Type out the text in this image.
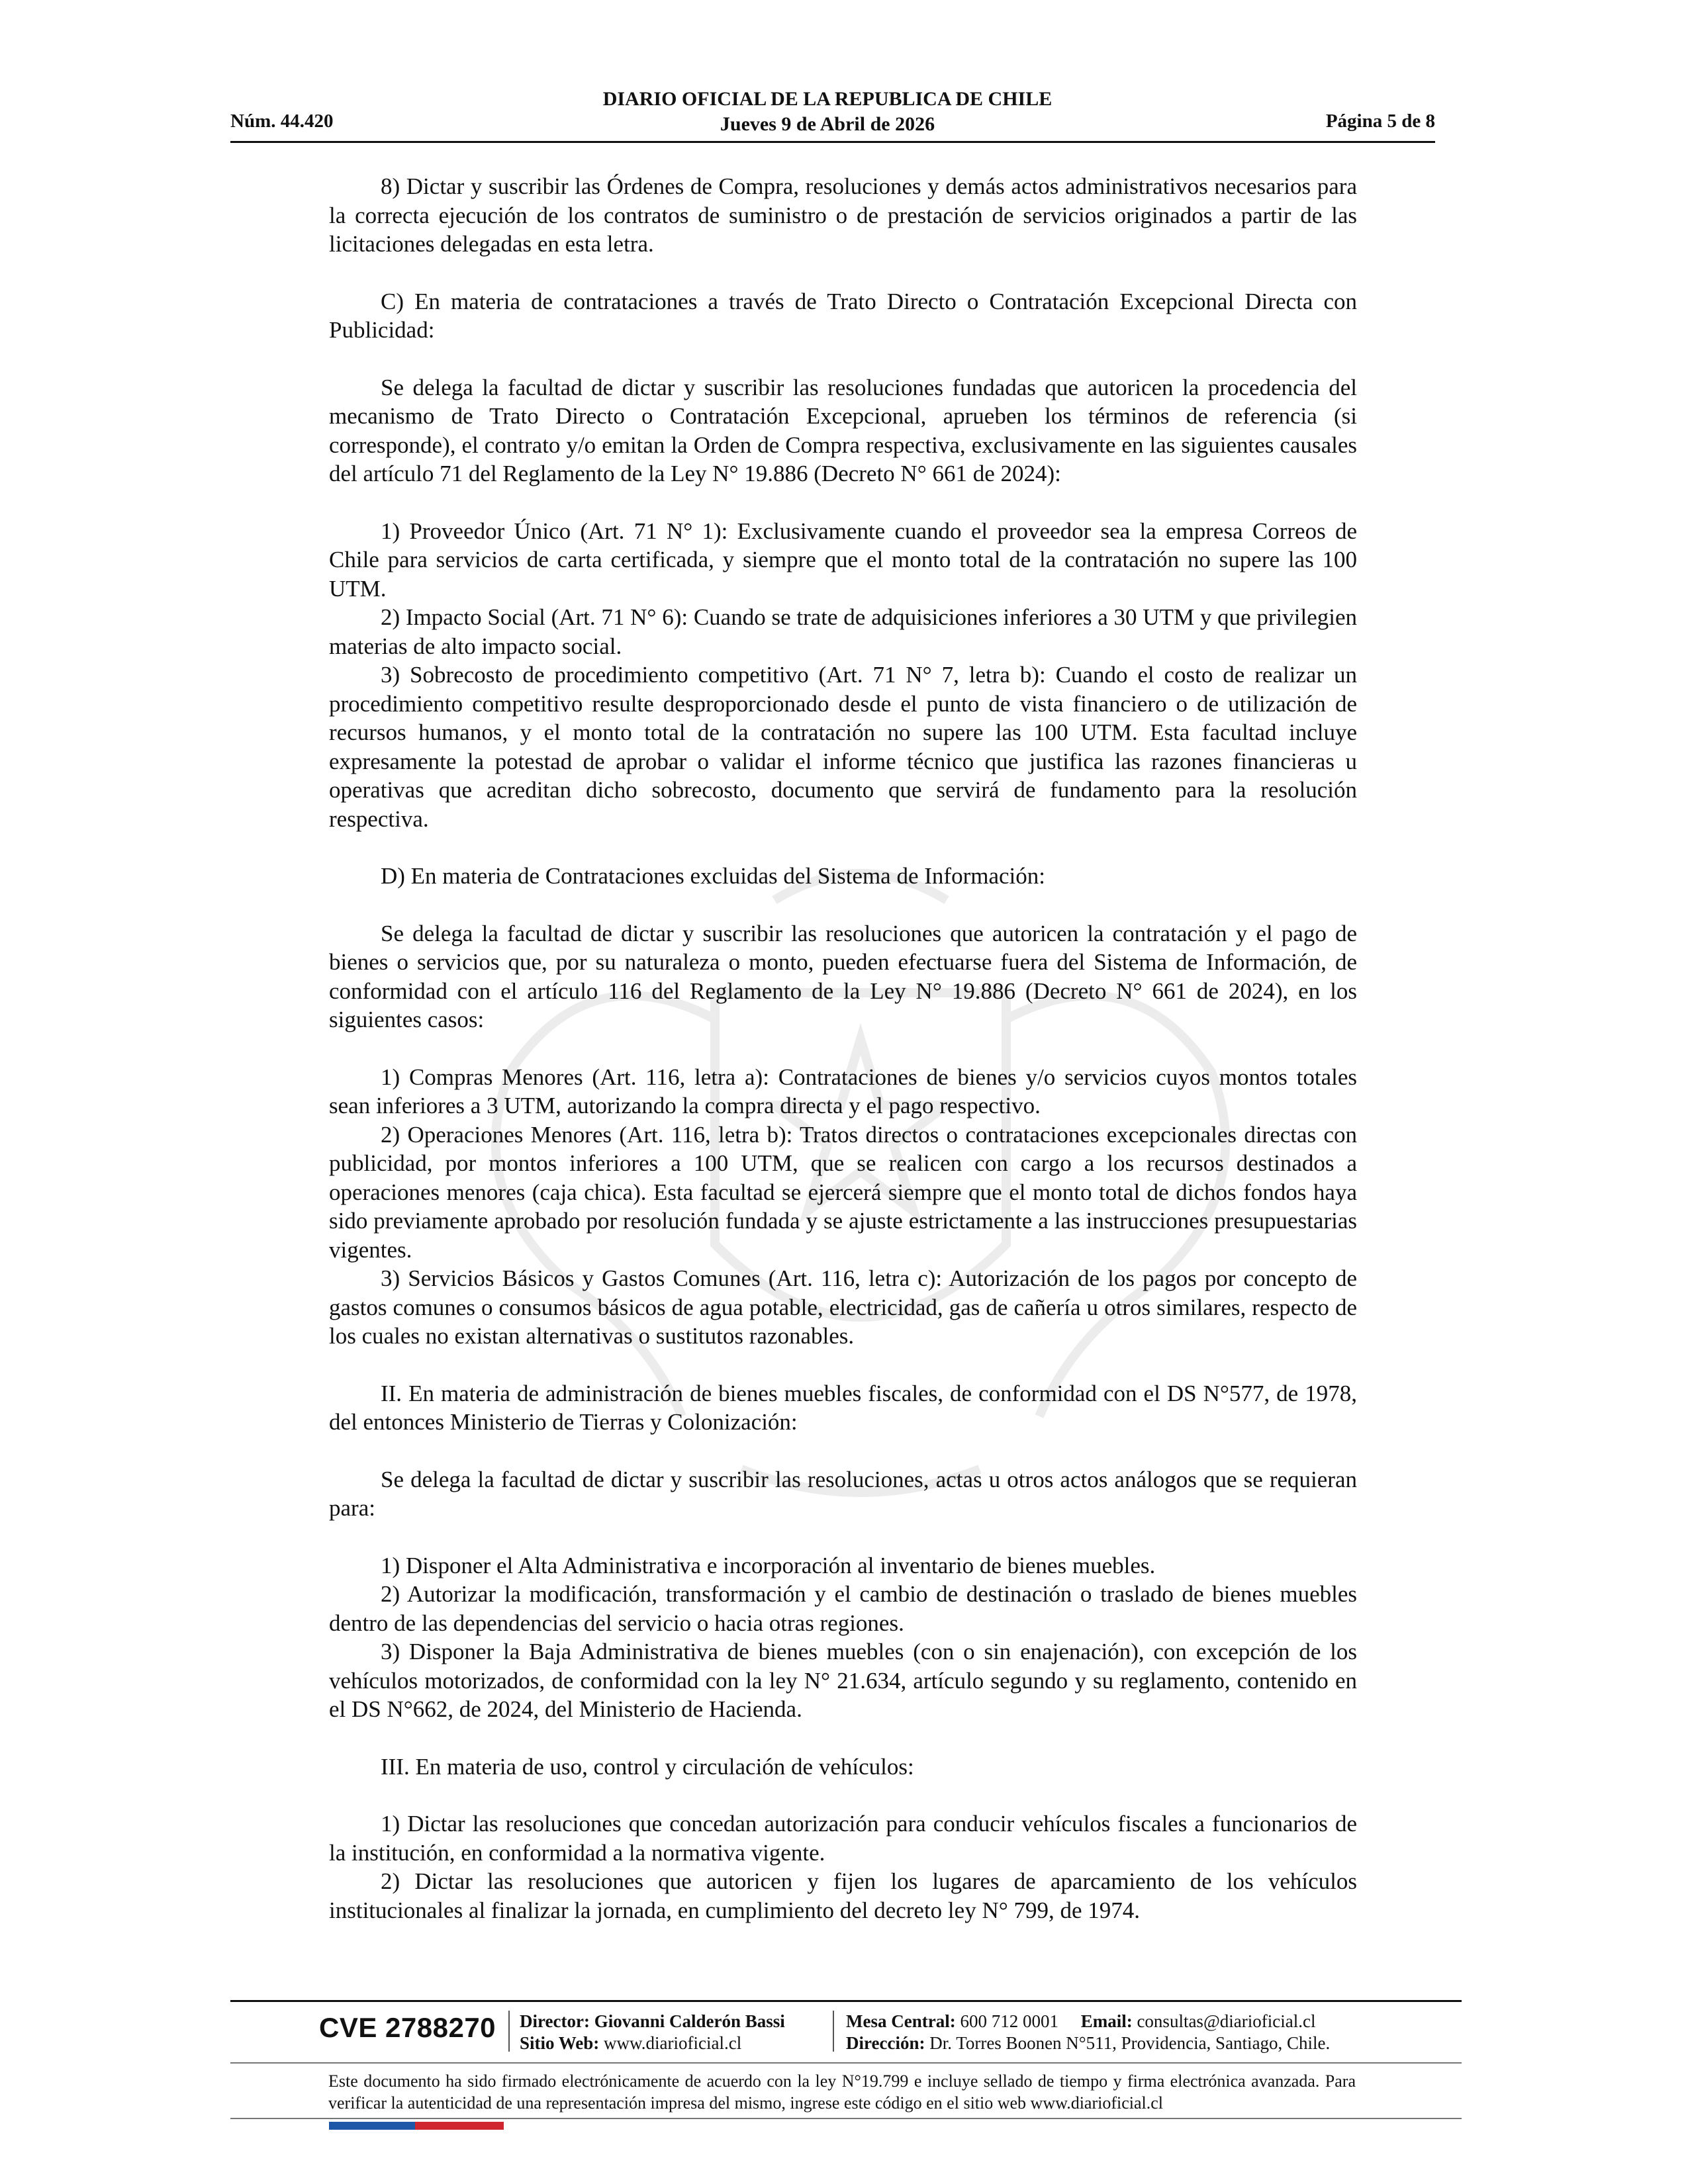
Núm. 44.420
DIARIO OFICIAL DE LA REPUBLICA DE CHILE
Jueves 9 de Abril de 2026	Página 5 de 8

8) Dictar y suscribir las Órdenes de Compra, resoluciones y demás actos administrativos necesarios para la correcta ejecución de los contratos de suministro o de prestación de servicios originados a partir de las licitaciones delegadas en esta letra.

C) En materia de contrataciones a través de Trato Directo o Contratación Excepcional Directa con Publicidad:

Se delega la facultad de dictar y suscribir las resoluciones fundadas que autoricen la procedencia del mecanismo de Trato Directo o Contratación Excepcional, aprueben los términos de referencia (si corresponde), el contrato y/o emitan la Orden de Compra respectiva, exclusivamente en las siguientes causales del artículo 71 del Reglamento de la Ley N° 19.886 (Decreto N° 661 de 2024):

1) Proveedor Único (Art. 71 N° 1): Exclusivamente cuando el proveedor sea la empresa Correos de Chile para servicios de carta certificada, y siempre que el monto total de la contratación no supere las 100 UTM.

2) Impacto Social (Art. 71 N° 6): Cuando se trate de adquisiciones inferiores a 30 UTM y que privilegien materias de alto impacto social.

3) Sobrecosto de procedimiento competitivo (Art. 71 N° 7, letra b): Cuando el costo de realizar un procedimiento competitivo resulte desproporcionado desde el punto de vista financiero o de utilización de recursos humanos, y el monto total de la contratación no supere las 100 UTM. Esta facultad incluye expresamente la potestad de aprobar o validar el informe técnico que justifica las razones financieras u operativas que acreditan dicho sobrecosto, documento que servirá de fundamento para la resolución respectiva.

D) En materia de Contrataciones excluidas del Sistema de Información:

Se delega la facultad de dictar y suscribir las resoluciones que autoricen la contratación y el pago de bienes o servicios que, por su naturaleza o monto, pueden efectuarse fuera del Sistema de Información, de conformidad con el artículo 116 del Reglamento de la Ley N° 19.886 (Decreto N° 661 de 2024), en los siguientes casos:

1) Compras Menores (Art. 116, letra a): Contrataciones de bienes y/o servicios cuyos montos totales sean inferiores a 3 UTM, autorizando la compra directa y el pago respectivo.

2) Operaciones Menores (Art. 116, letra b): Tratos directos o contrataciones excepcionales directas con publicidad, por montos inferiores a 100 UTM, que se realicen con cargo a los recursos destinados a operaciones menores (caja chica). Esta facultad se ejercerá siempre que el monto total de dichos fondos haya sido previamente aprobado por resolución fundada y se ajuste estrictamente a las instrucciones presupuestarias vigentes.

3) Servicios Básicos y Gastos Comunes (Art. 116, letra c): Autorización de los pagos por concepto de gastos comunes o consumos básicos de agua potable, electricidad, gas de cañería u otros similares, respecto de los cuales no existan alternativas o sustitutos razonables.

II. En materia de administración de bienes muebles fiscales, de conformidad con el DS N°577, de 1978, del entonces Ministerio de Tierras y Colonización:

Se delega la facultad de dictar y suscribir las resoluciones, actas u otros actos análogos que se requieran para:

1) Disponer el Alta Administrativa e incorporación al inventario de bienes muebles.

2) Autorizar la modificación, transformación y el cambio de destinación o traslado de bienes muebles dentro de las dependencias del servicio o hacia otras regiones.

3) Disponer la Baja Administrativa de bienes muebles (con o sin enajenación), con excepción de los vehículos motorizados, de conformidad con la ley N° 21.634, artículo segundo y su reglamento, contenido en el DS N°662, de 2024, del Ministerio de Hacienda.

III. En materia de uso, control y circulación de vehículos:

1) Dictar las resoluciones que concedan autorización para conducir vehículos fiscales a funcionarios de la institución, en conformidad a la normativa vigente.

2) Dictar las resoluciones que autoricen y fijen los lugares de aparcamiento de los vehículos institucionales al finalizar la jornada, en cumplimiento del decreto ley N° 799, de 1974.

CVE 2788270 Director: Giovanni Calderón Bassi
Sitio Web: www.diarioficial.cl
Mesa Central: 600 712 0001 Email: consultas@diarioficial.cl
Dirección: Dr. Torres Boonen N°511, Providencia, Santiago, Chile.
Este documento ha sido firmado electrónicamente de acuerdo con la ley N°19.799 e incluye sellado de tiempo y firma electrónica avanzada. Para verificar la autenticidad de una representación impresa del mismo, ingrese este código en el sitio web www.diarioficial.cl
